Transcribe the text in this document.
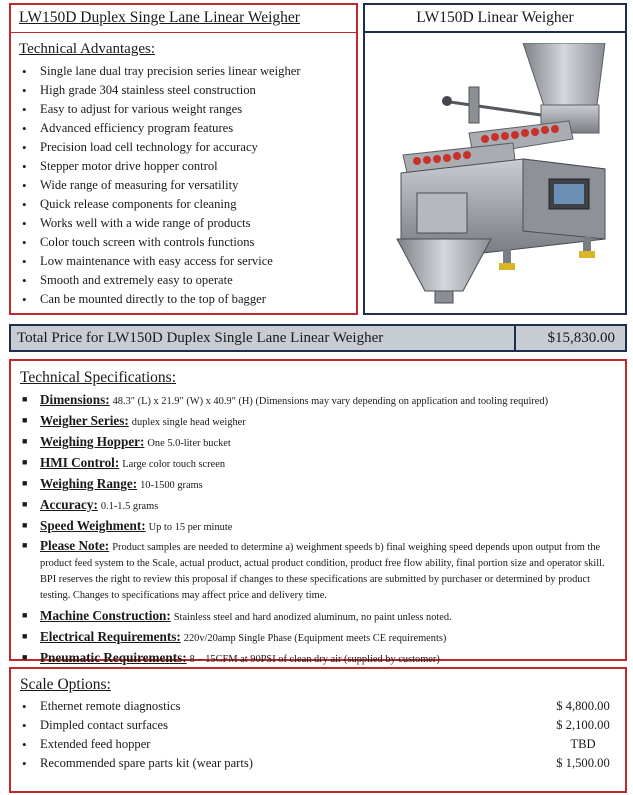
LW150D Duplex Singe Lane Linear Weigher
Technical Advantages:
• Single lane dual tray precision series linear weigher
• High grade 304 stainless steel construction
• Easy to adjust for various weight ranges
• Advanced efficiency program features
• Precision load cell technology for accuracy
• Stepper motor drive hopper control
• Wide range of measuring for versatility
• Quick release components for cleaning
• Works well with a wide range of products
• Color touch screen with controls functions
• Low maintenance with easy access for service
• Smooth and extremely easy to operate
• Can be mounted directly to the top of bagger
LW150D Linear Weigher
Total Price for LW150D Duplex Single Lane Linear Weigher	$15,830.00
Technical Specifications:
■ Dimensions: 48.3" (L) x 21.9" (W) x 40.9" (H) (Dimensions may vary depending on application and tooling required)
■ Weigher Series: duplex single head weigher
■ Weighing Hopper: One 5.0-liter bucket
■ HMI Control: Large color touch screen
■ Weighing Range: 10-1500 grams
■ Accuracy: 0.1-1.5 grams
■ Speed Weighment: Up to 15 per minute
■ Please Note: Product samples are needed to determine a) weighment speeds b) final weighing speed depends upon output from the product feed system to the Scale, actual product, actual product condition, product free flow ability, final portion size and operator skill. BPI reserves the right to review this proposal if changes to these specifications are submitted by purchaser or determined by product testing. Changes to specifications may affect price and delivery time.
■ Machine Construction: Stainless steel and hard anodized aluminum, no paint unless noted.
■ Electrical Requirements: 220v/20amp Single Phase (Equipment meets CE requirements)
■ Pneumatic Requirements: 8 – 15CFM at 90PSI of clean dry air (supplied by customer)
Scale Options:
• Ethernet remote diagnostics	$ 4,800.00
• Dimpled contact surfaces	$ 2,100.00
• Extended feed hopper	TBD
• Recommended spare parts kit (wear parts)	$ 1,500.00
